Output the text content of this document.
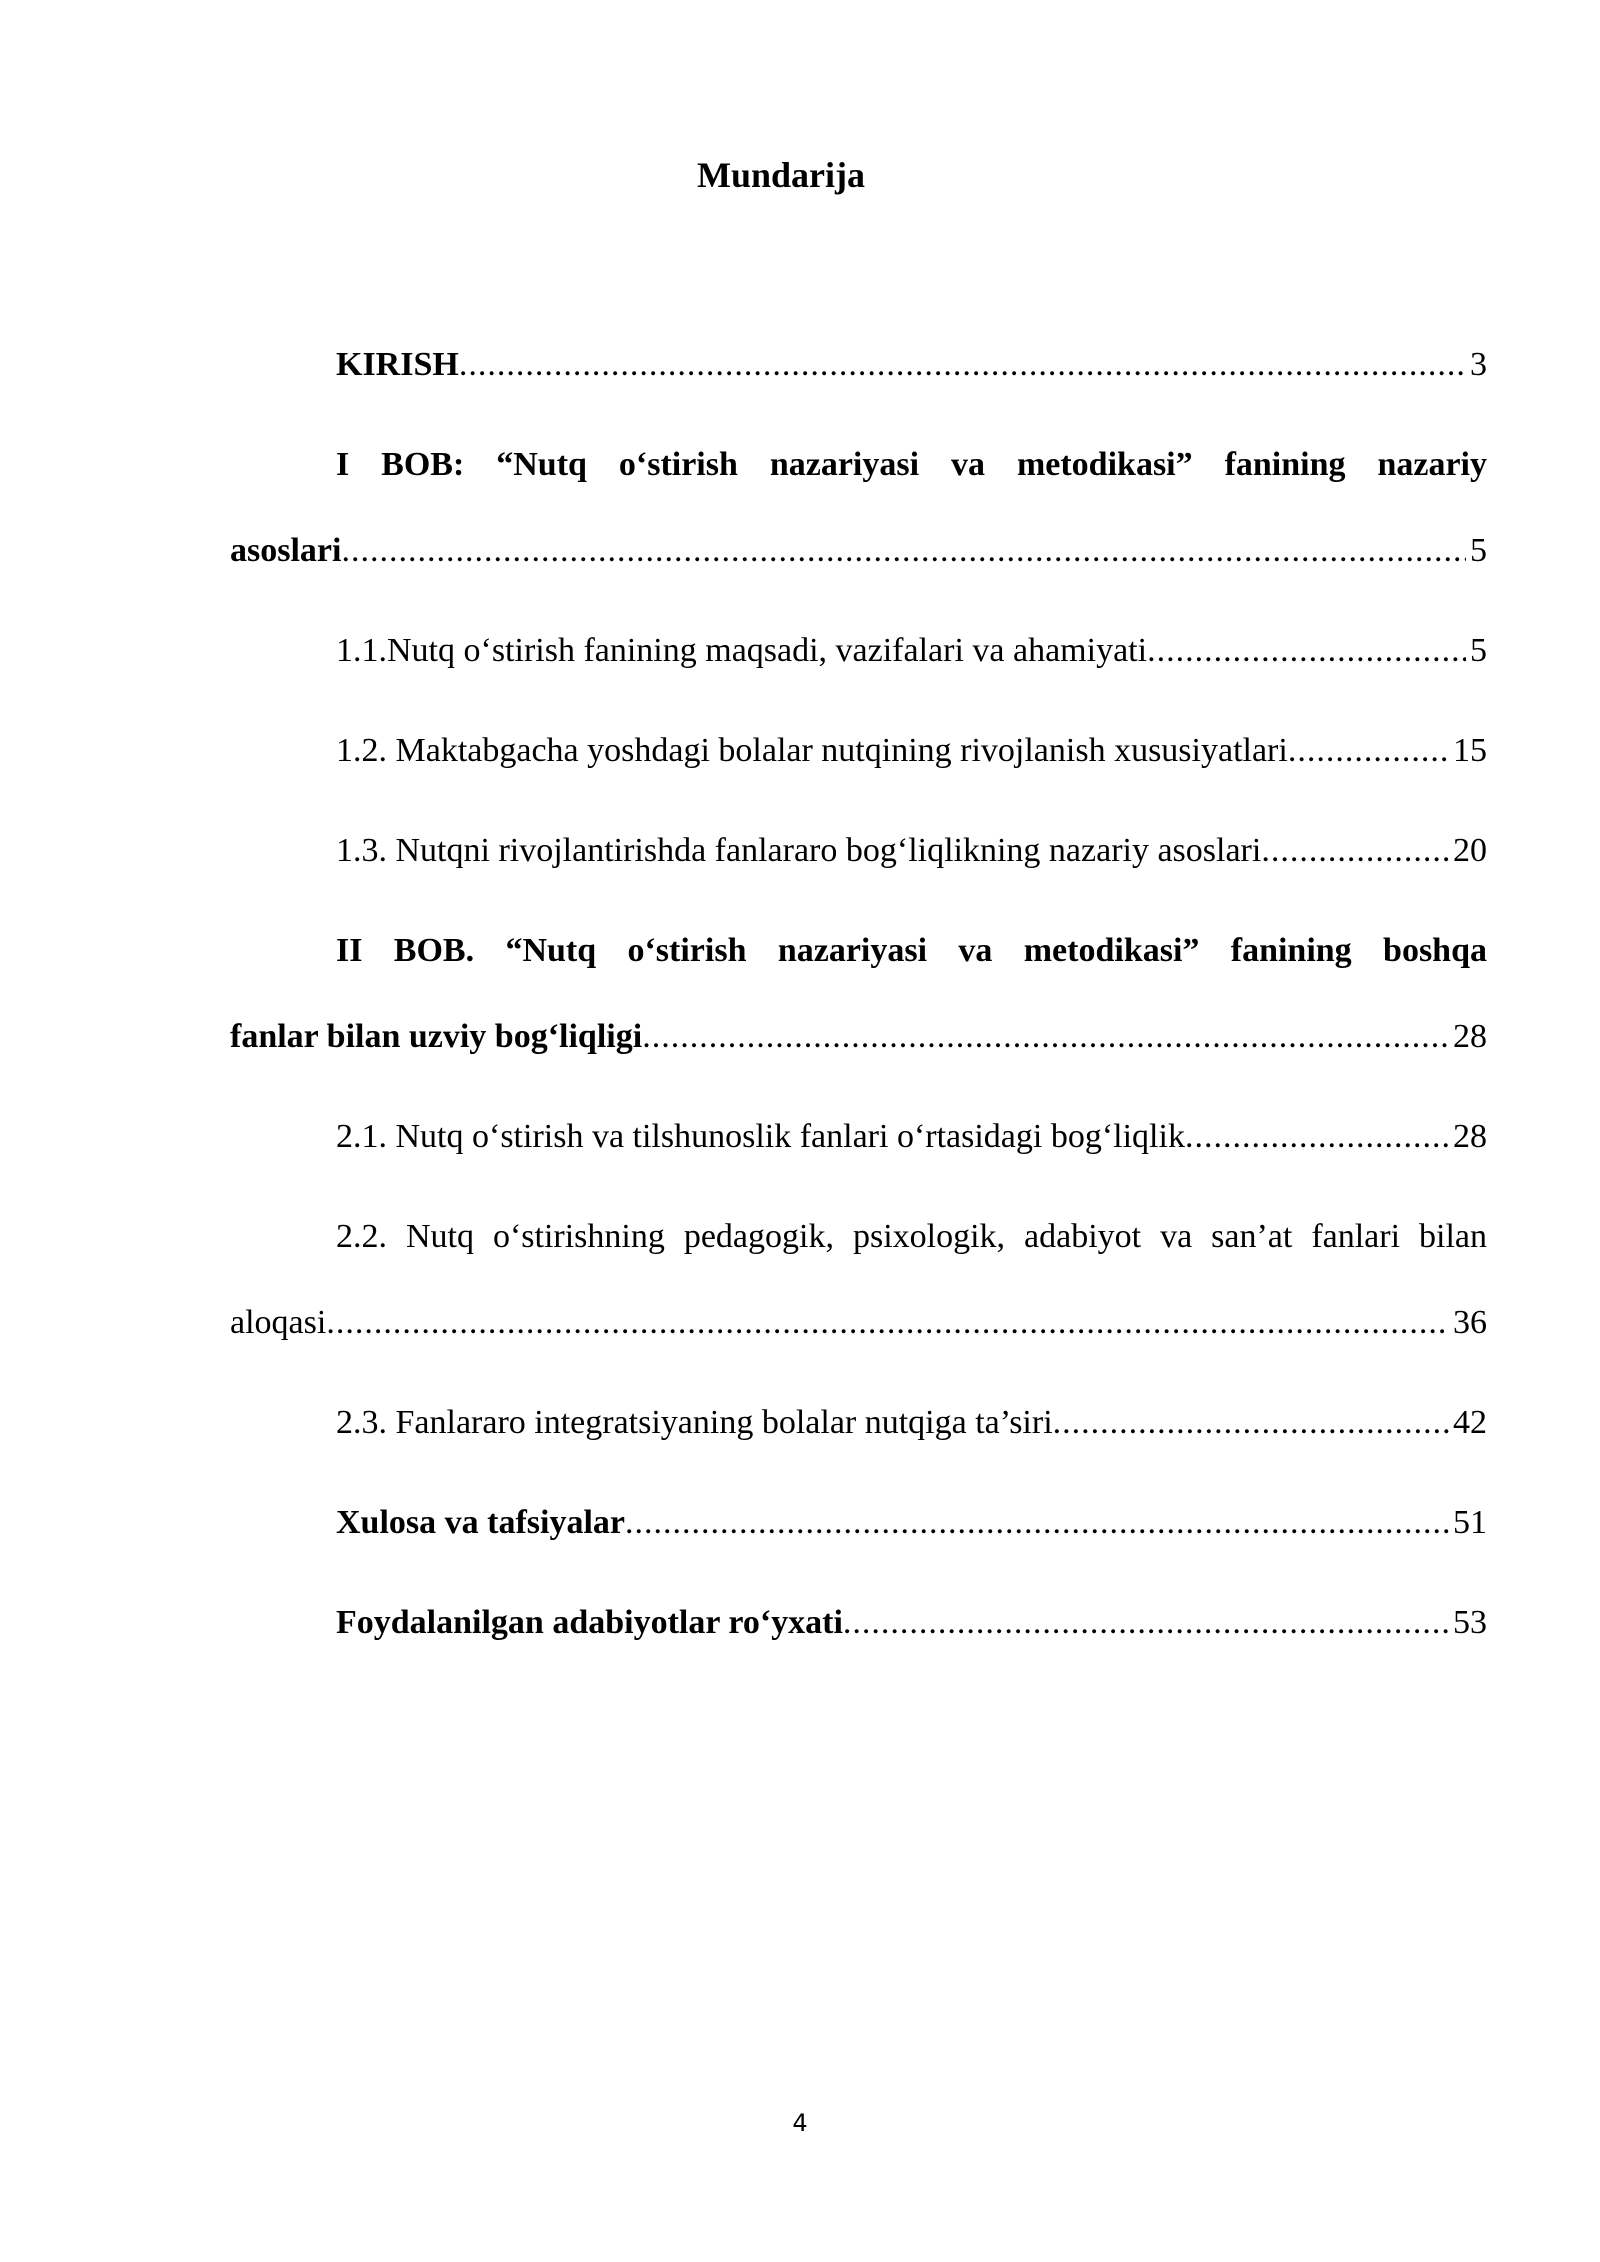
Mundarija
KIRISH .....	3
I BOB: “Nutq o‘stirish nazariyasi va metodikasi” fanining nazariy
asoslari .....	5
1.1.Nutq o‘stirish fanining maqsadi, vazifalari va ahamiyati .....	5
1.2. Maktabgacha yoshdagi bolalar nutqining rivojlanish xususiyatlari .....	15
1.3. Nutqni rivojlantirishda fanlararo bog‘liqlikning nazariy asoslari .....	20
II BOB. “Nutq o‘stirish nazariyasi va metodikasi” fanining boshqa
fanlar bilan uzviy bog‘liqligi .....	28
2.1. Nutq o‘stirish va tilshunoslik fanlari o‘rtasidagi bog‘liqlik .....	28
2.2. Nutq o‘stirishning pedagogik, psixologik, adabiyot va san’at fanlari bilan
aloqasi .....	36
2.3. Fanlararo integratsiyaning bolalar nutqiga ta’siri .....	42
Xulosa va tafsiyalar .....	51
Foydalanilgan adabiyotlar ro‘yxati .....	53
4
